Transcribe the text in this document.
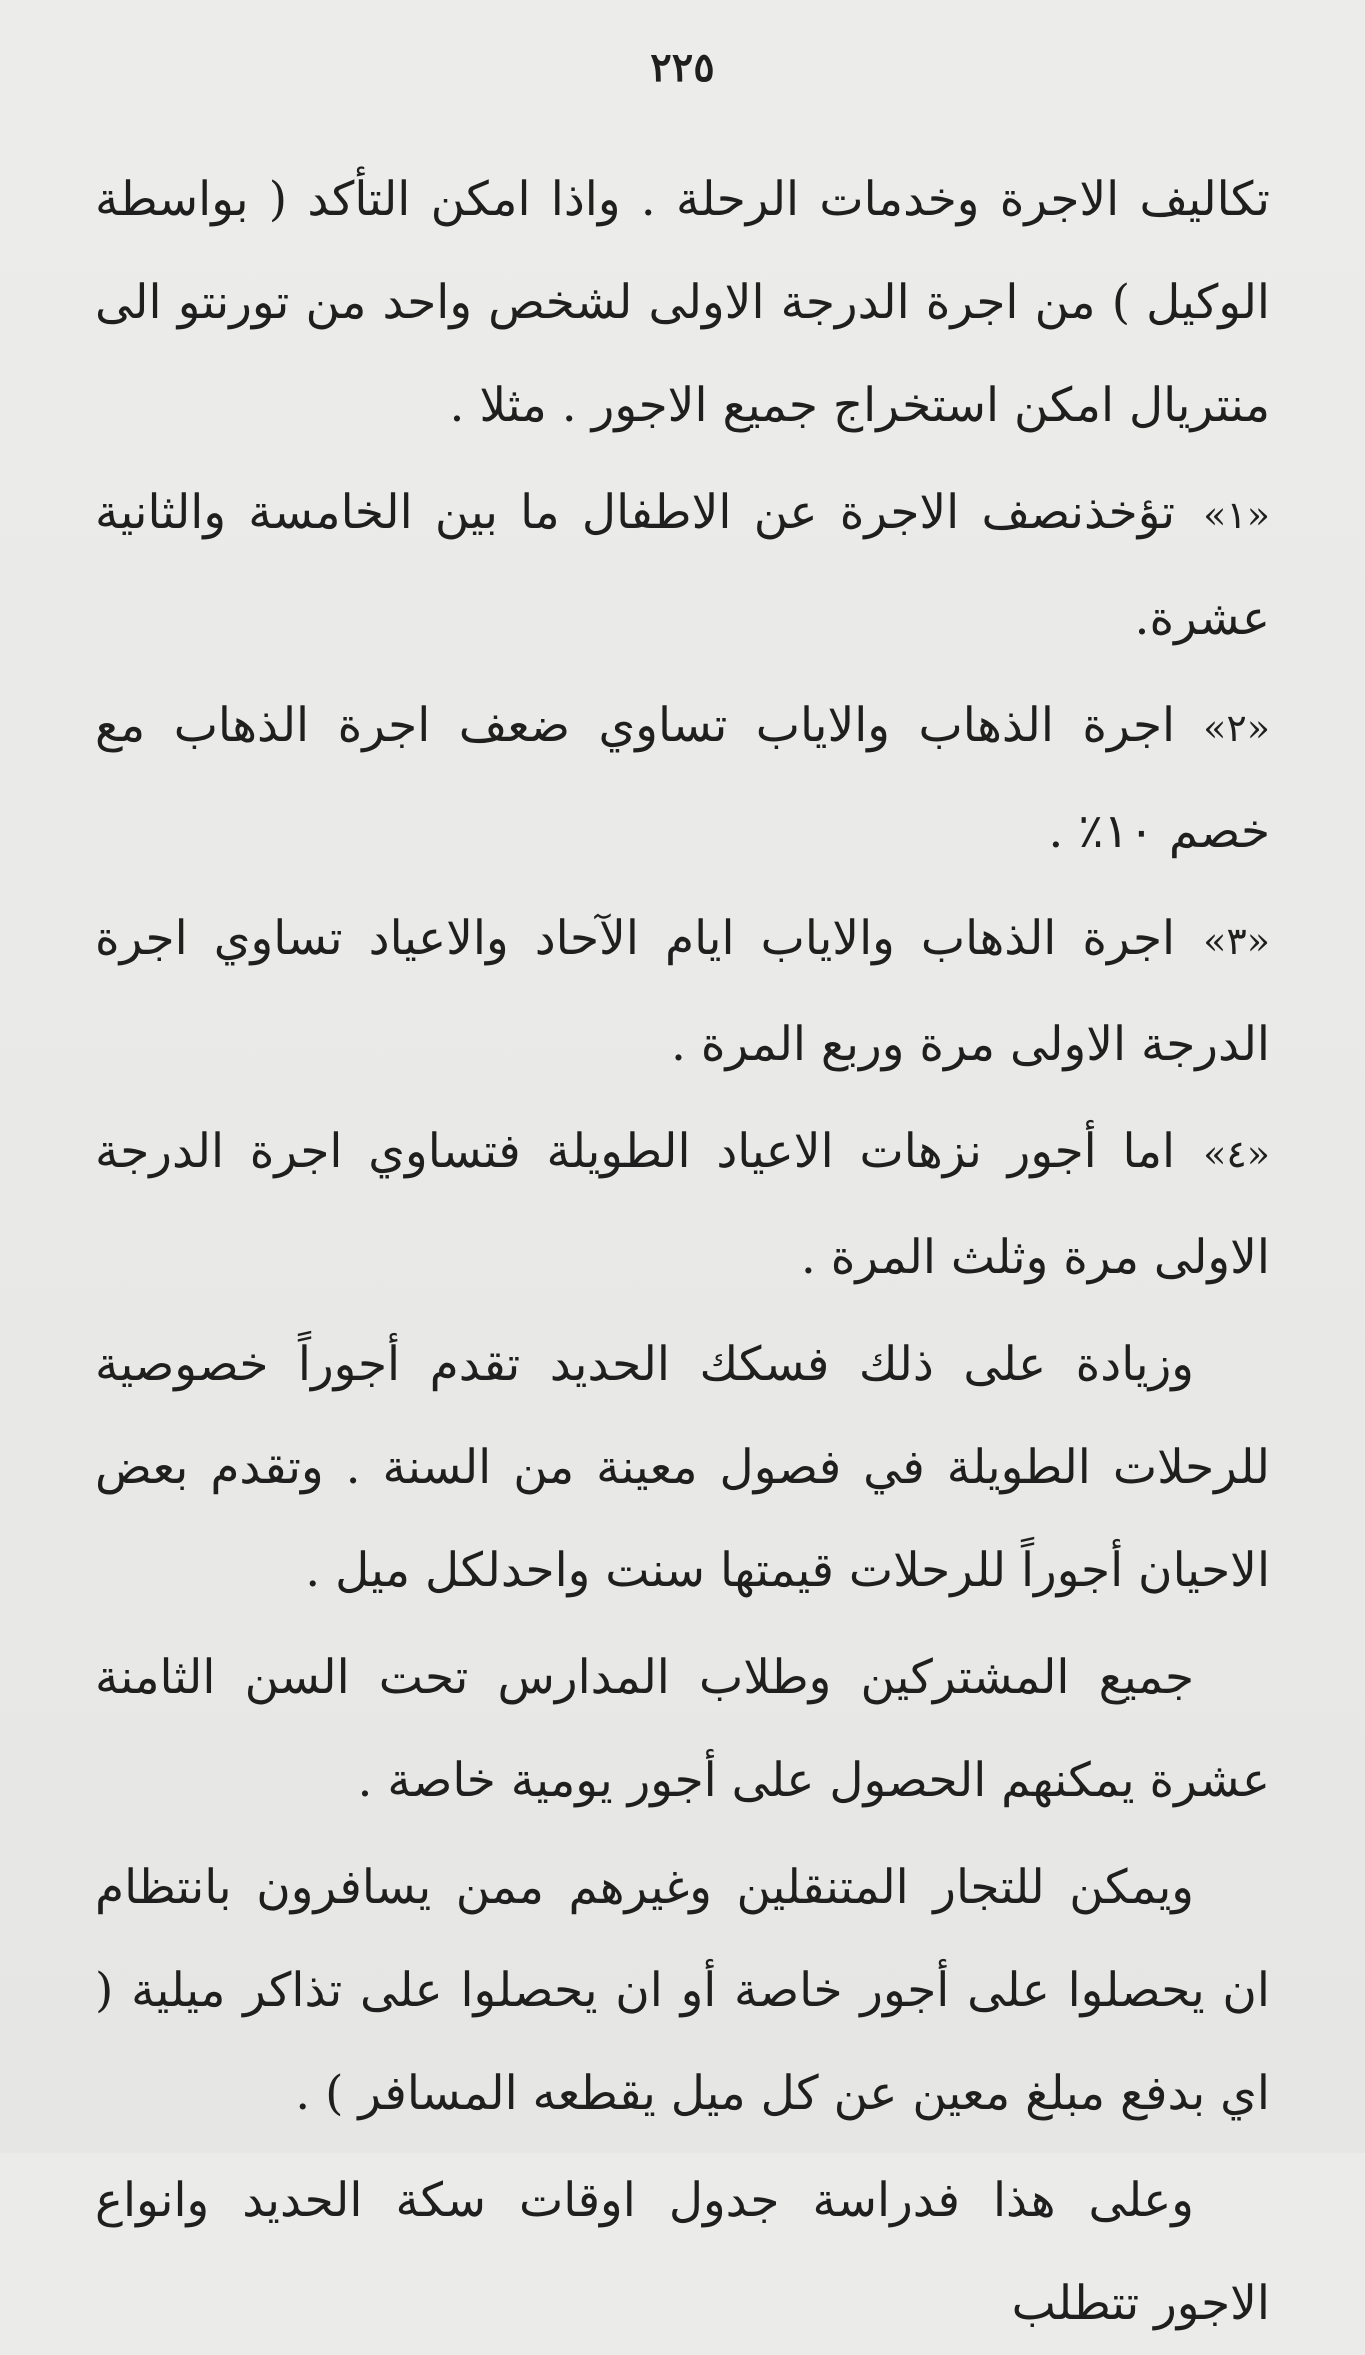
٢٢٥

تكاليف الاجرة وخدمات الرحلة . واذا امكن التأكد ( بواسطة الوكيل ) من اجرة الدرجة الاولى لشخص واحد من تورنتو الى منتريال امكن استخراج جميع الاجور . مثلا .

«١»تؤخذنصف الاجرة عن الاطفال ما بين الخامسة والثانية عشرة.

«٢»اجرة الذهاب والاياب تساوي ضعف اجرة الذهاب مع خصم ١٠٪ .

«٣»اجرة الذهاب والاياب ايام الآحاد والاعياد تساوي اجرة الدرجة الاولى مرة وربع المرة .

«٤»اما أجور نزهات الاعياد الطويلة فتساوي اجرة الدرجة الاولى مرة وثلث المرة .

وزيادة على ذلك فسكك الحديد تقدم أجوراً خصوصية للرحلات الطويلة في فصول معينة من السنة . وتقدم بعض الاحيان أجوراً للرحلات قيمتها سنت واحدلكل ميل .

جميع المشتركين وطلاب المدارس تحت السن الثامنة عشرة يمكنهم الحصول على أجور يومية خاصة .

ويمكن للتجار المتنقلين وغيرهم ممن يسافرون بانتظام ان يحصلوا على أجور خاصة أو ان يحصلوا على تذاكر ميلية ( اي بدفع مبلغ معين عن كل ميل يقطعه المسافر ) .

وعلى هذا فدراسة جدول اوقات سكة الحديد وانواع الاجور تتطلب
